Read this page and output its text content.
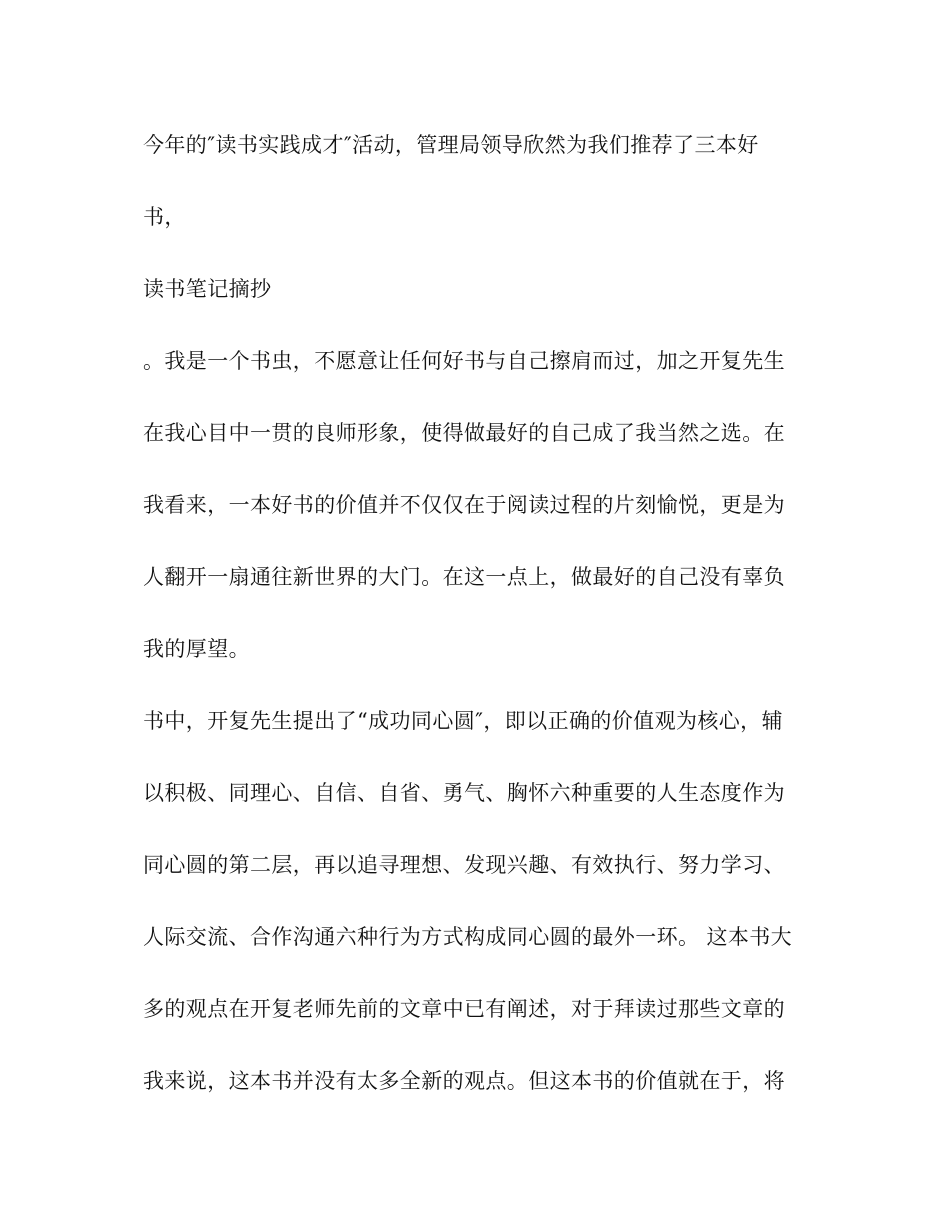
今年的″读书实践成才″活动，管理局领导欣然为我们推荐了三本好

书，

读书笔记摘抄

。我是一个书虫，不愿意让任何好书与自己擦肩而过，加之开复先生

在我心目中一贯的良师形象，使得做最好的自己成了我当然之选。在

我看来，一本好书的价值并不仅仅在于阅读过程的片刻愉悦，更是为

人翻开一扇通往新世界的大门。在这一点上，做最好的自己没有辜负

我的厚望。

书中，开复先生提出了“成功同心圆″，即以正确的价值观为核心，辅

以积极、同理心、自信、自省、勇气、胸怀六种重要的人生态度作为

同心圆的第二层，再以追寻理想、发现兴趣、有效执行、努力学习、

人际交流、合作沟通六种行为方式构成同心圆的最外一环。 这本书大

多的观点在开复老师先前的文章中已有阐述，对于拜读过那些文章的

我来说，这本书并没有太多全新的观点。但这本书的价值就在于，将
